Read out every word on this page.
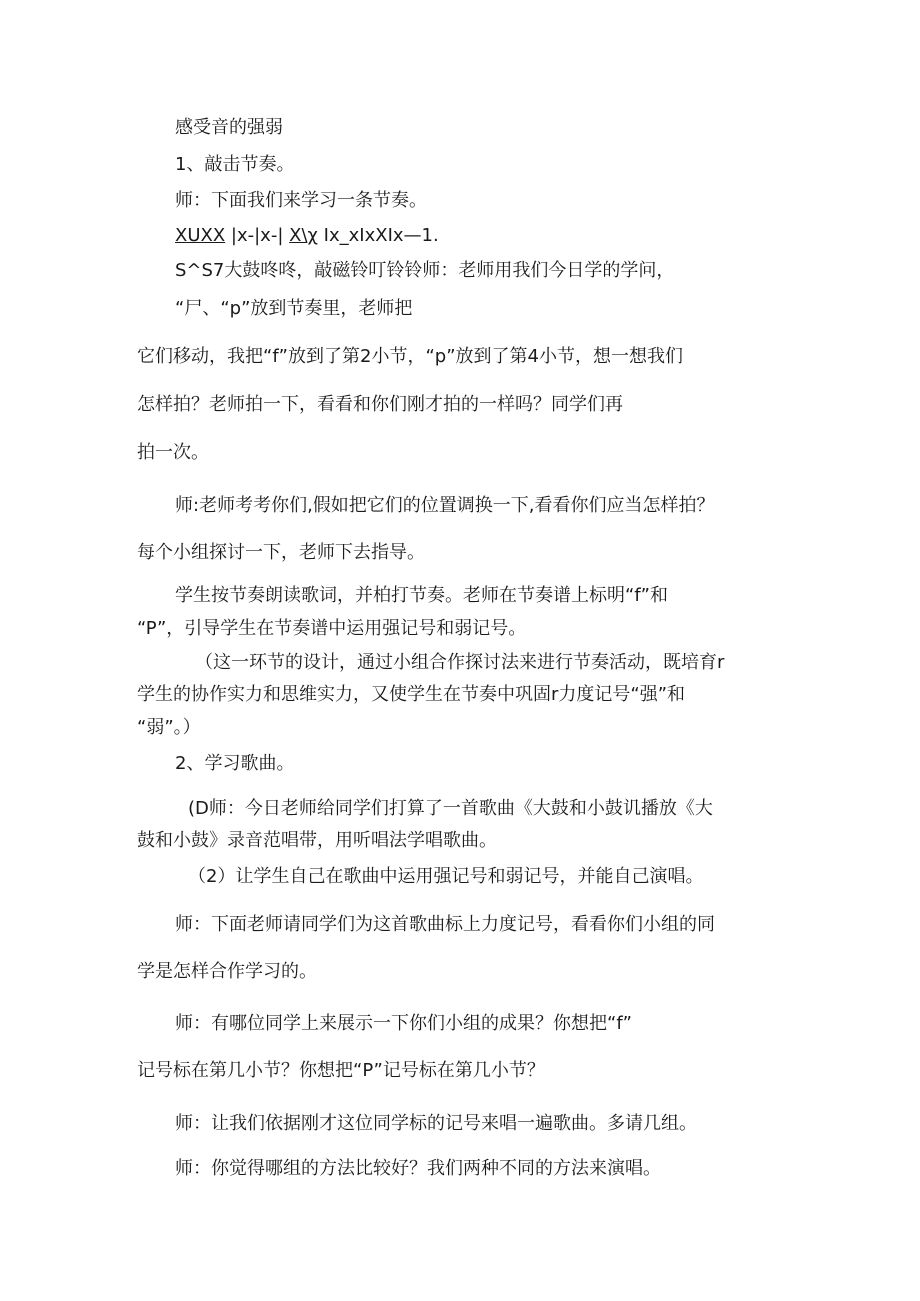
感受音的强弱
1、敲击节奏。
师：下面我们来学习一条节奏。
XUXX |x-|x-| X\χ Ix_xIxXIx—1.
S^S7大鼓咚咚，敲磁铃叮铃铃师：老师用我们今日学的学问，
“尸、“p”放到节奏里，老师把
它们移动，我把“f”放到了第2小节，“p”放到了第4小节，想一想我们
怎样拍？老师拍一下，看看和你们刚才拍的一样吗？同学们再
拍一次。
师:老师考考你们,假如把它们的位置调换一下,看看你们应当怎样拍？
每个小组探讨一下，老师下去指导。
学生按节奏朗读歌词，并柏打节奏。老师在节奏谱上标明“f”和
“P”，引导学生在节奏谱中运用强记号和弱记号。
（这一环节的设计，通过小组合作探讨法来进行节奏活动，既培育r
学生的协作实力和思维实力，又使学生在节奏中巩固r力度记号“强”和
“弱”。）
2、学习歌曲。
(D师：今日老师给同学们打算了一首歌曲《大鼓和小鼓讥播放《大
鼓和小鼓》录音范唱带，用听唱法学唱歌曲。
（2）让学生自己在歌曲中运用强记号和弱记号，并能自己演唱。
师：下面老师请同学们为这首歌曲标上力度记号，看看你们小组的同
学是怎样合作学习的。
师：有哪位同学上来展示一下你们小组的成果？你想把“f”
记号标在第几小节？你想把“P”记号标在第几小节？
师：让我们依据刚才这位同学标的记号来唱一遍歌曲。多请几组。
师：你觉得哪组的方法比较好？我们两种不同的方法来演唱。
